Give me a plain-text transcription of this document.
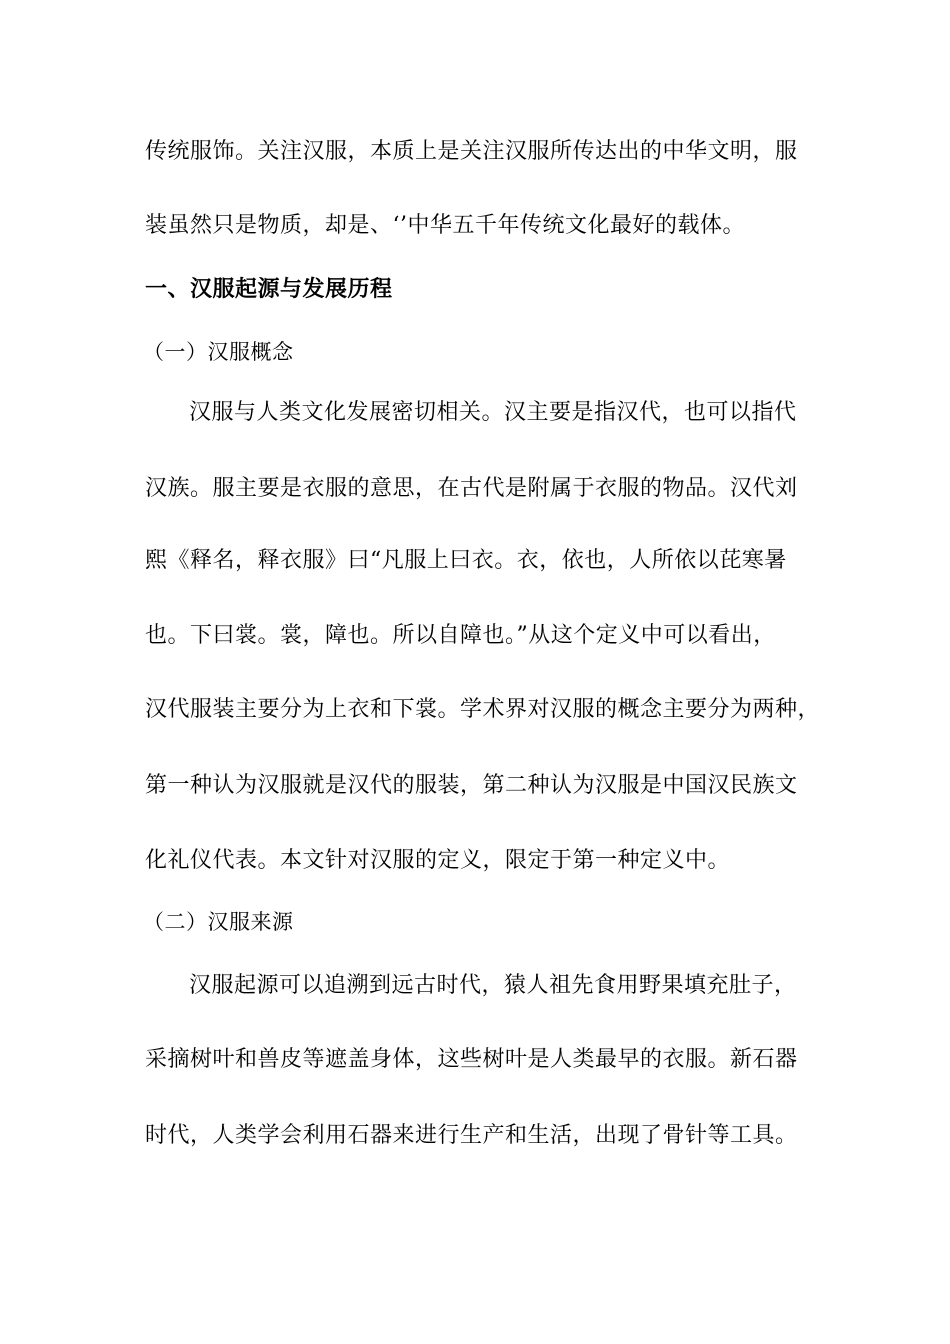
传统服饰。关注汉服，本质上是关注汉服所传达出的中华文明，服
装虽然只是物质，却是、‘’中华五千年传统文化最好的载体。
一、汉服起源与发展历程
（一）汉服概念
汉服与人类文化发展密切相关。汉主要是指汉代，也可以指代
汉族。服主要是衣服的意思，在古代是附属于衣服的物品。汉代刘
熙《释名，释衣服》曰“凡服上曰衣。衣，依也，人所依以芘寒暑
也。下曰裳。裳，障也。所以自障也。”从这个定义中可以看出，
汉代服装主要分为上衣和下裳。学术界对汉服的概念主要分为两种，
第一种认为汉服就是汉代的服装，第二种认为汉服是中国汉民族文
化礼仪代表。本文针对汉服的定义，限定于第一种定义中。
（二）汉服来源
汉服起源可以追溯到远古时代，猿人祖先食用野果填充肚子，
采摘树叶和兽皮等遮盖身体，这些树叶是人类最早的衣服。新石器
时代，人类学会利用石器来进行生产和生活，出现了骨针等工具。
